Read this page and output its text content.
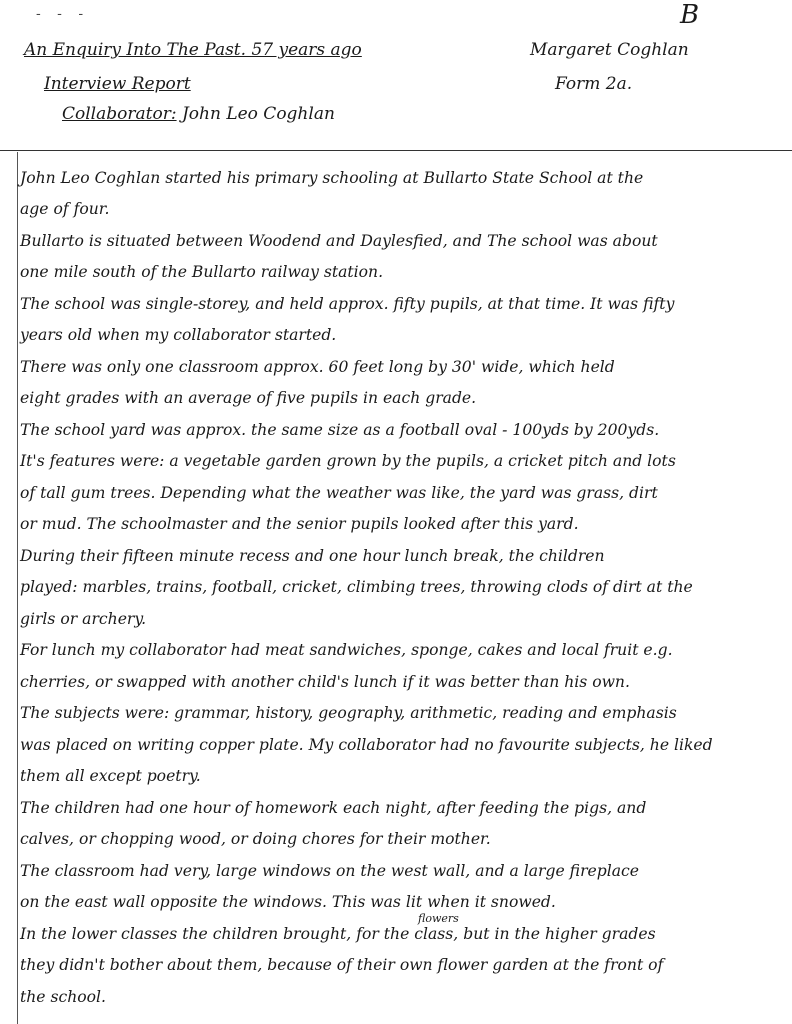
- - -	B
An Enquiry Into The Past. 57 years ago
Interview Report
Collaborator: John Leo Coghlan
Margaret Coghlan
Form 2a.
flowers
John Leo Coghlan started his primary schooling at Bullarto State School at the
age of four.
Bullarto is situated between Woodend and Daylesfied, and The school was about
one mile south of the Bullarto railway station.
The school was single-storey, and held approx. fifty pupils, at that time. It was fifty
years old when my collaborator started.
There was only one classroom approx. 60 feet long by 30' wide, which held
eight grades with an average of five pupils in each grade.
The school yard was approx. the same size as a football oval - 100yds by 200yds.
It's features were: a vegetable garden grown by the pupils, a cricket pitch and lots
of tall gum trees. Depending what the weather was like, the yard was grass, dirt
or mud. The schoolmaster and the senior pupils looked after this yard.
During their fifteen minute recess and one hour lunch break, the children
played: marbles, trains, football, cricket, climbing trees, throwing clods of dirt at the
girls or archery.
For lunch my collaborator had meat sandwiches, sponge, cakes and local fruit e.g.
cherries, or swapped with another child's lunch if it was better than his own.
The subjects were: grammar, history, geography, arithmetic, reading and emphasis
was placed on writing copper plate. My collaborator had no favourite subjects, he liked
them all except poetry.
The children had one hour of homework each night, after feeding the pigs, and
calves, or chopping wood, or doing chores for their mother.
The classroom had very, large windows on the west wall, and a large fireplace
on the east wall opposite the windows. This was lit when it snowed.
In the lower classes the children brought, for the class, but in the higher grades
they didn't bother about them, because of their own flower garden at the front of
the school.
